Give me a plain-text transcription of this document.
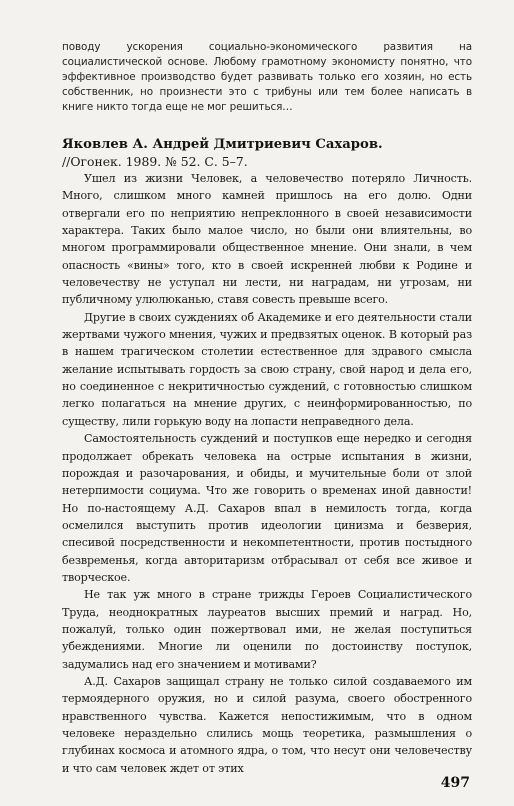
поводу ускорения социально-экономического развития на социалистической основе. Любому грамотному экономисту понятно, что эффективное производство будет развивать только его хозяин, но есть собственник, но произнести это с трибуны или тем более написать в книге никто тогда еще не мог решиться…
Яковлев А. Андрей Дмитриевич Сахаров.
//Огонек. 1989. № 52. С. 5–7.

Ушел из жизни Человек, а человечество потеряло Личность. Много, слишком много камней пришлось на его долю. Одни отвергали его по неприятию непреклонного в своей независимости характера. Таких было малое число, но были они влиятельны, во многом программировали общественное мнение. Они знали, в чем опасность «вины» того, кто в своей искренней любви к Родине и человечеству не уступал ни лести, ни наградам, ни угрозам, ни публичному улюлюканью, ставя совесть превыше всего.

Другие в своих суждениях об Академике и его деятельности стали жертвами чужого мнения, чужих и предвзятых оценок. В который раз в нашем трагическом столетии естественное для здравого смысла желание испытывать гордость за свою страну, свой народ и дела его, но соединенное с некритичностью суждений, с готовностью слишком легко полагаться на мнение других, с неинформированностью, по существу, лили горькую воду на лопасти неправедного дела.

Самостоятельность суждений и поступков еще нередко и сегодня продолжает обрекать человека на острые испытания в жизни, порождая и разочарования, и обиды, и мучительные боли от злой нетерпимости социума. Что же говорить о временах иной давности! Но по-настоящему А.Д. Сахаров впал в немилость тогда, когда осмелился выступить против идеологии цинизма и безверия, спесивой посредственности и некомпетентности, против постыдного безвременья, когда авторитаризм отбрасывал от себя все живое и творческое.

Не так уж много в стране трижды Героев Социалистического Труда, неоднократных лауреатов высших премий и наград. Но, пожалуй, только один пожертвовал ими, не желая поступиться убеждениями. Многие ли оценили по достоинству поступок, задумались над его значением и мотивами?

А.Д. Сахаров защищал страну не только силой создаваемого им термоядерного оружия, но и силой разума, своего обостренного нравственного чувства. Кажется непостижимым, что в одном человеке нераздельно слились мощь теоретика, размышления о глубинах космоса и атомного ядра, о том, что несут они человечеству и что сам человек ждет от этих

497
